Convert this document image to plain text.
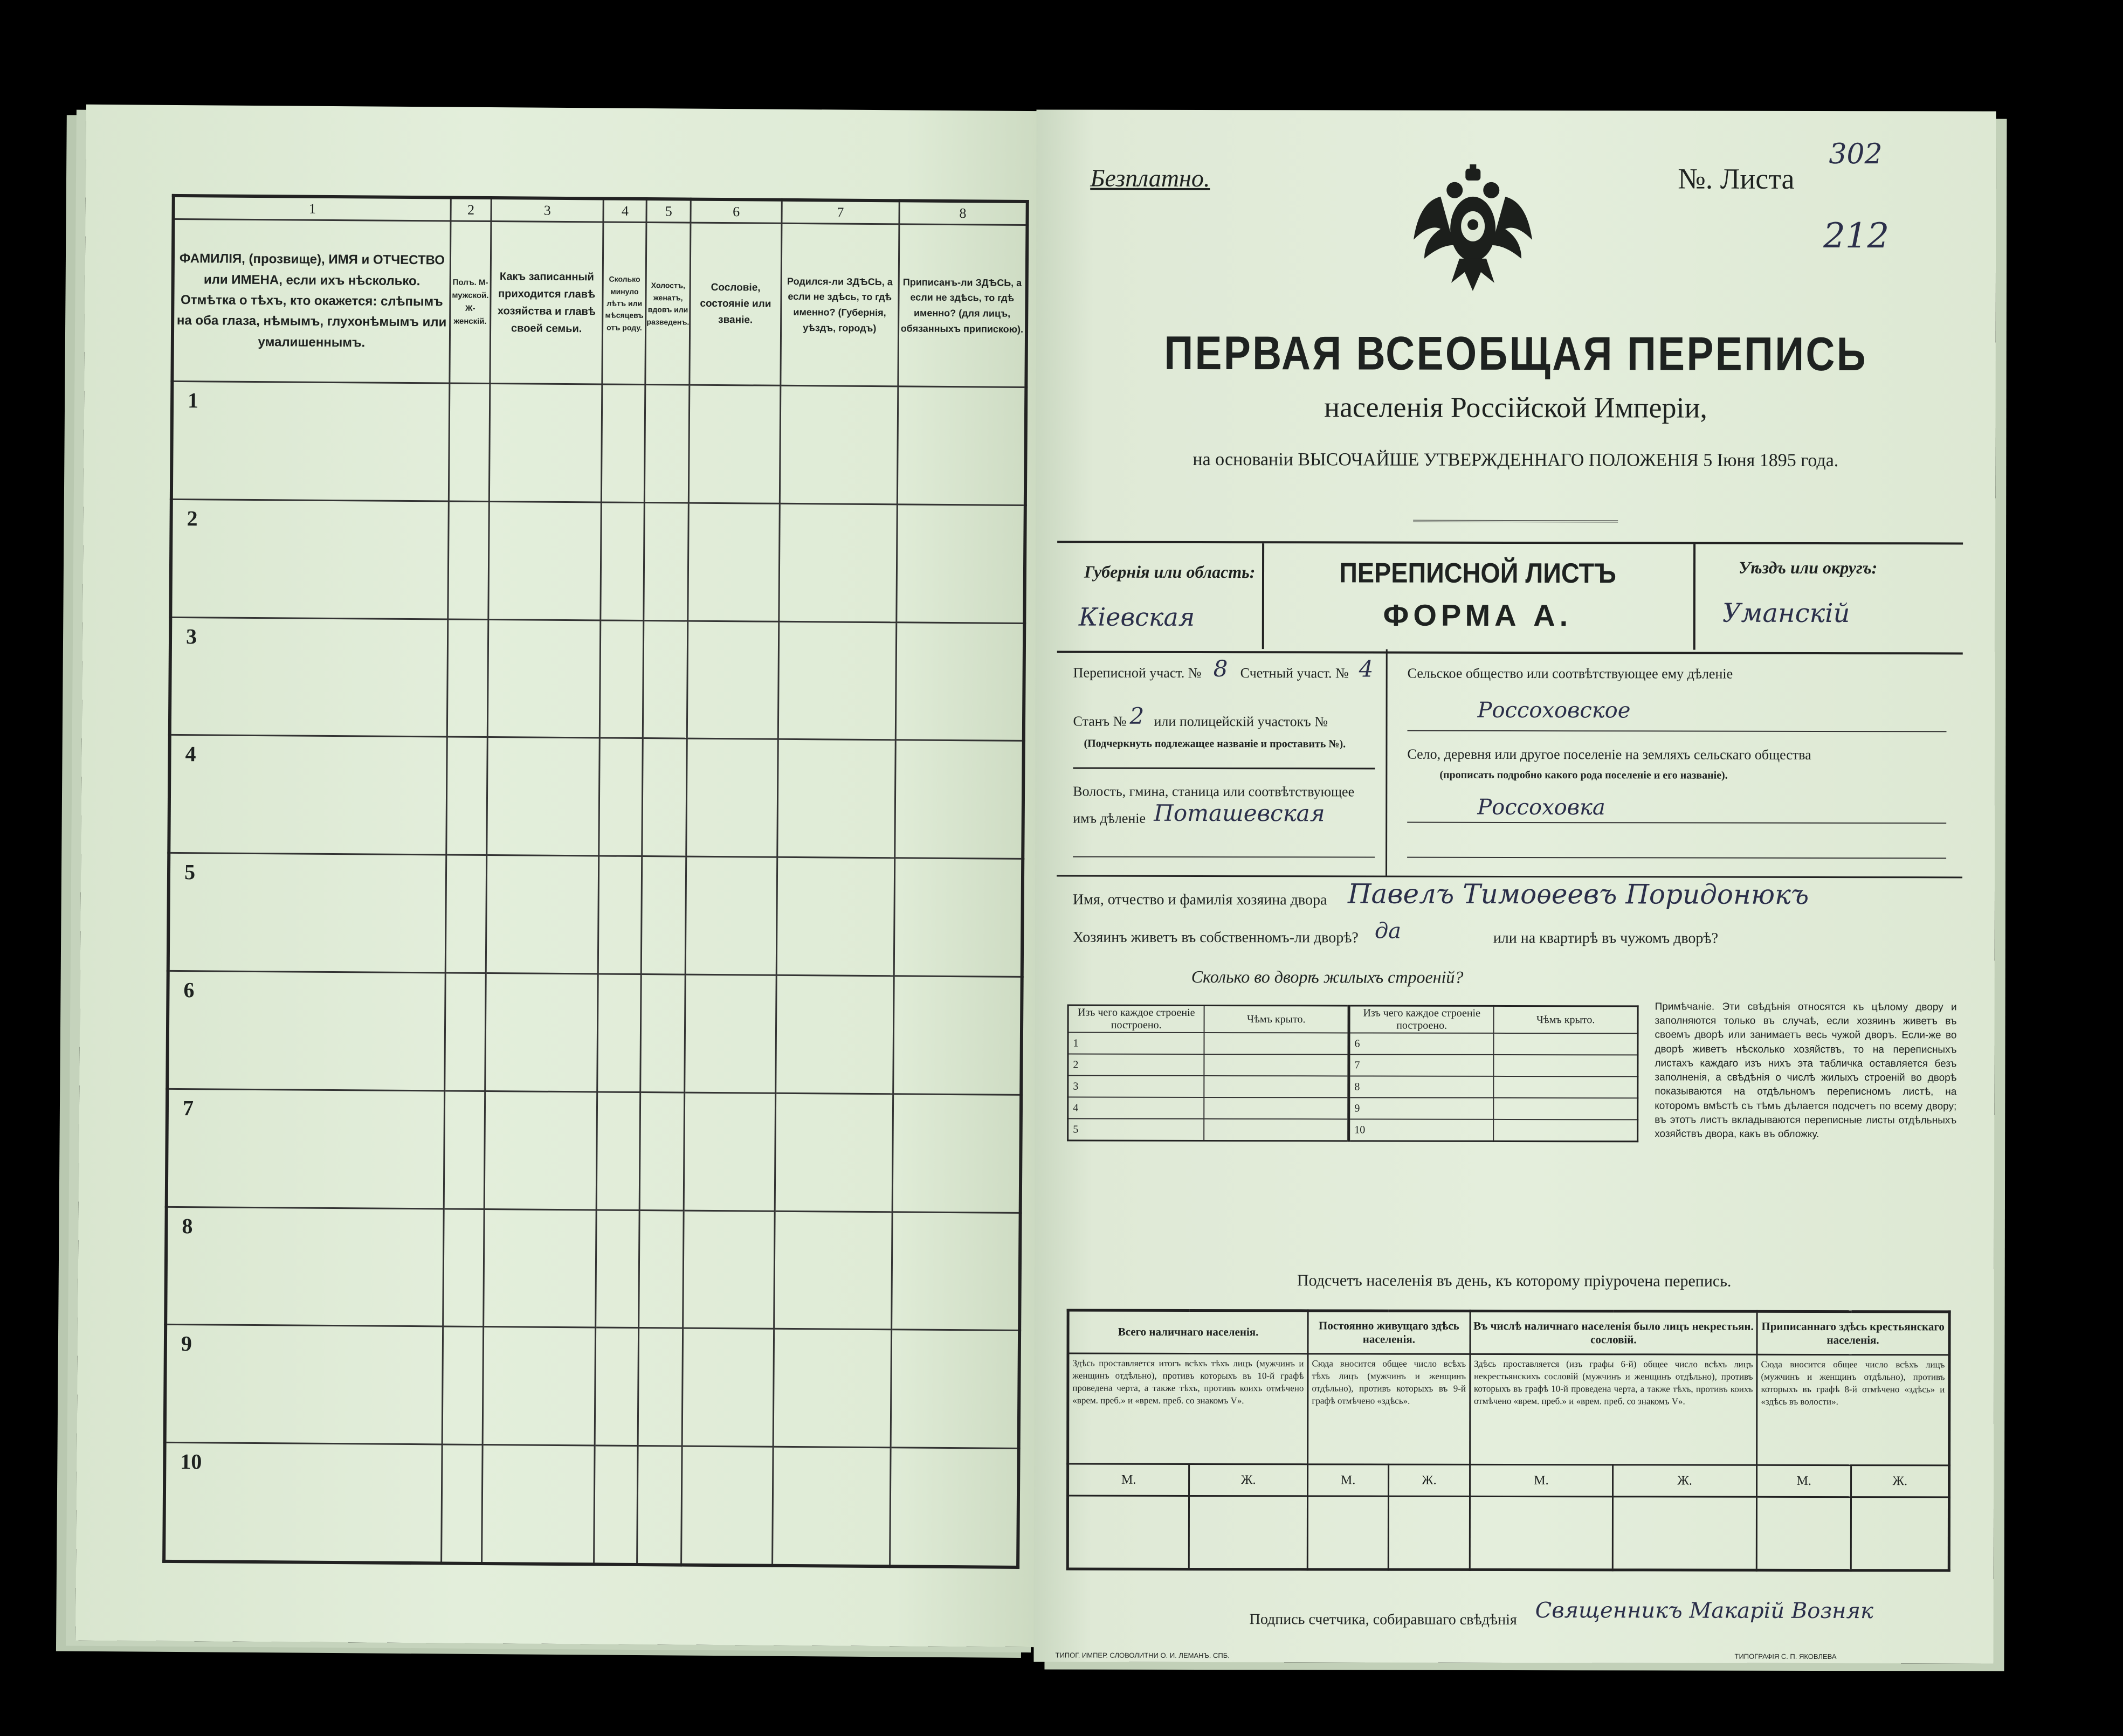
1	2	3	4	5	6	7	8
ФАМИЛІЯ, (прозвище), ИМЯ и ОТЧЕСТВО или ИМЕНА, если ихъ нѣсколько. Отмѣтка о тѣхъ, кто окажется: слѣпымъ на оба глаза, нѣмымъ, глухонѣмымъ или умалишеннымъ.	Полъ. М-мужской. Ж-женскій.	Какъ записанный приходится главѣ хозяйства и главѣ своей семьи.	Сколько минуло лѣтъ или мѣсяцевъ отъ роду.	Холостъ, женатъ, вдовъ или разведенъ.	Сословіе, состояніе или званіе.	Родился-ли ЗДѢСЬ, а если не здѣсь, то гдѣ именно? (Губернія, уѣздъ, городъ)	Приписанъ-ли ЗДѢСЬ, а если не здѣсь, то гдѣ именно? (для лицъ, обязанныхъ припискою).
1							
2							
3							
4							
5							
6							
7							
8							
9							
10							
Безплатно.	№. Листа
302
212
ПЕРВАЯ ВСЕОБЩАЯ ПЕРЕПИСЬ
населенія Россійской Имперіи,
на основаніи ВЫСОЧАЙШЕ УТВЕРЖДЕННАГО ПОЛОЖЕНІЯ 5 Іюня 1895 года.
Губернія или область:
Кіевская
ПЕРЕПИСНОЙ ЛИСТЪ
ФОРМА А.
Уѣздъ или округъ:
Уманскій
Переписной участ. № 8 Счетный участ. № 4
Станъ № 2 или полицейскій участокъ №
(Подчеркнуть подлежащее названіе и проставить №).
Волость, гмина, станица или соотвѣтствующее
имъ дѣленіе Поташевская
Сельское общество или соотвѣтствующее ему дѣленіе
Россоховское
Село, деревня или другое поселеніе на земляхъ сельскаго общества
(прописать подробно какого рода поселеніе и его названіе).
Россоховка
Имя, отчество и фамилія хозяина двора Павелъ Тимоѳеевъ Поридонюкъ
Хозяинъ живетъ въ собственномъ-ли дворѣ? да	или на квартирѣ въ чужомъ дворѣ?
Сколько во дворѣ жилыхъ строеній?
Изъ чего каждое строеніе построено.	Чѣмъ крыто.	Изъ чего каждое строеніе построено.	Чѣмъ крыто.
1		6	
2		7	
3		8	
4		9	
5		10	
Примѣчаніе. Эти свѣдѣнія относятся къ цѣлому двору и заполняются только въ случаѣ, если хозяинъ живетъ въ своемъ дворѣ или занимаетъ весь чужой дворъ. Если-же во дворѣ живетъ нѣсколько хозяйствъ, то на переписныхъ листахъ каждаго изъ нихъ эта табличка оставляется безъ заполненія, а свѣдѣнія о числѣ жилыхъ строеній во дворѣ показываются на отдѣльномъ переписномъ листѣ, на которомъ вмѣстѣ съ тѣмъ дѣлается подсчетъ по всему двору; въ этотъ листъ вкладываются переписные листы отдѣльныхъ хозяйствъ двора, какъ въ обложку.
Подсчетъ населенія въ день, къ которому пріурочена перепись.
Всего наличнаго населенія.		Постоянно живущаго здѣсь населенія.		Въ числѣ наличнаго населенія было лицъ некрестьян. сословій.		Приписаннаго здѣсь крестьянскаго населенія.	
Здѣсь проставляется итогъ всѣхъ тѣхъ лицъ (мужчинъ и женщинъ отдѣльно), противъ которыхъ въ 10-й графѣ проведена черта, а также тѣхъ, противъ коихъ отмѣчено «врем. преб.» и «врем. преб. со знакомъ V».		Сюда вносится общее число всѣхъ тѣхъ лицъ (мужчинъ и женщинъ отдѣльно), противъ которыхъ въ 9-й графѣ отмѣчено «здѣсь».		Здѣсь проставляется (изъ графы 6-й) общее число всѣхъ лицъ некрестьянскихъ сословій (мужчинъ и женщинъ отдѣльно), противъ которыхъ въ графѣ 10-й проведена черта, а также тѣхъ, противъ коихъ отмѣчено «врем. преб.» и «врем. преб. со знакомъ V».		Сюда вносится общее число всѣхъ лицъ (мужчинъ и женщинъ отдѣльно), противъ которыхъ въ графѣ 8-й отмѣчено «здѣсь» и «здѣсь въ волости».	
М.	Ж.	М.	Ж.	М.	Ж.	М.	Ж.

Подпись счетчика, собиравшаго свѣдѣнія Священникъ Макарій Возняк
ТИПОГ. ИМПЕР. СЛОВОЛИТНИ О. И. ЛЕМАНЪ. СПБ.	ТИПОГРАФІЯ С. П. ЯКОВЛЕВА
